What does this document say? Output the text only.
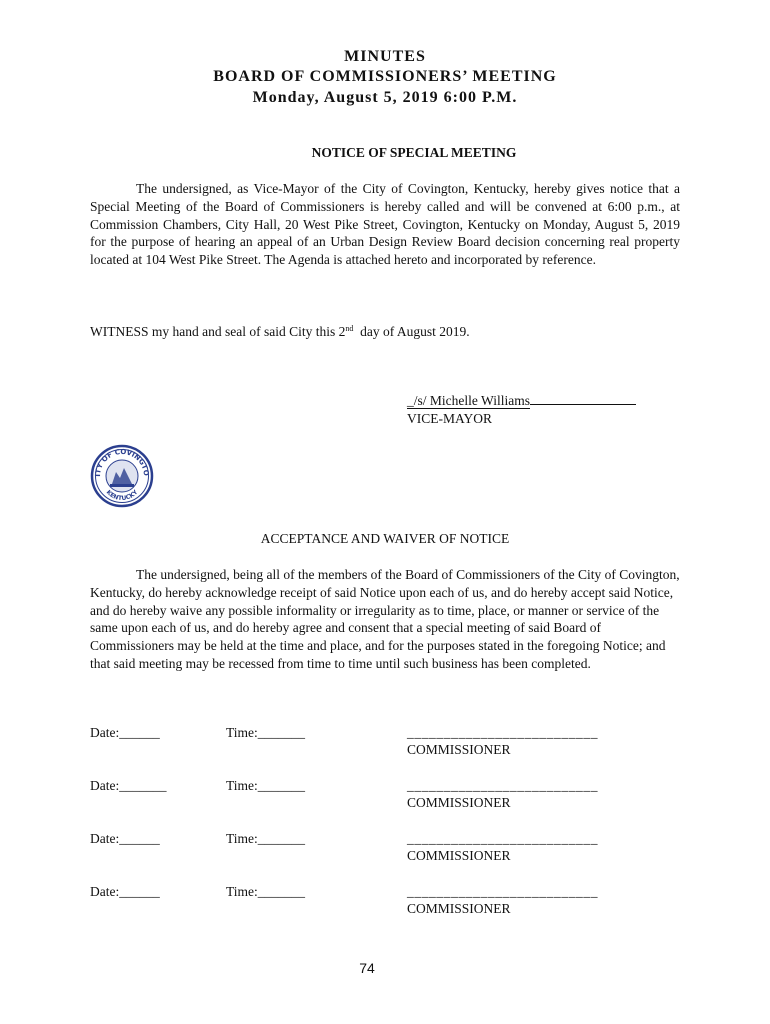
MINUTES
BOARD OF COMMISSIONERS’ MEETING
Monday, August 5, 2019 6:00 P.M.
NOTICE OF SPECIAL MEETING
The undersigned, as Vice-Mayor of the City of Covington, Kentucky, hereby gives notice that a Special Meeting of the Board of Commissioners is hereby called and will be convened at 6:00 p.m., at Commission Chambers, City Hall, 20 West Pike Street, Covington, Kentucky on Monday, August 5, 2019 for the purpose of hearing an appeal of an Urban Design Review Board decision concerning real property located at 104 West Pike Street. The Agenda is attached hereto and incorporated by reference.
WITNESS my hand and seal of said City this 2nd  day of August 2019.
_/s/ Michelle Williams
VICE-MAYOR
ITY OF COVINGTO
KENTUCKY
ACCEPTANCE AND WAIVER OF NOTICE
The undersigned, being all of the members of the Board of Commissioners of the City of Covington, Kentucky, do hereby acknowledge receipt of said Notice upon each of us, and do hereby accept said Notice, and do hereby waive any possible informality or irregularity as to time, place, or manner or service of the same upon each of us, and do hereby agree and consent that a special meeting of said Board of Commissioners may be held at the time and place, and for the purposes stated in the foregoing Notice; and that said meeting may be recessed from time to time until such business has been completed.
Date:______	Time:_______	__________________________
COMMISSIONER
Date:_______	Time:_______	__________________________
COMMISSIONER
Date:______	Time:_______	__________________________
COMMISSIONER
Date:______	Time:_______	__________________________
COMMISSIONER
74
